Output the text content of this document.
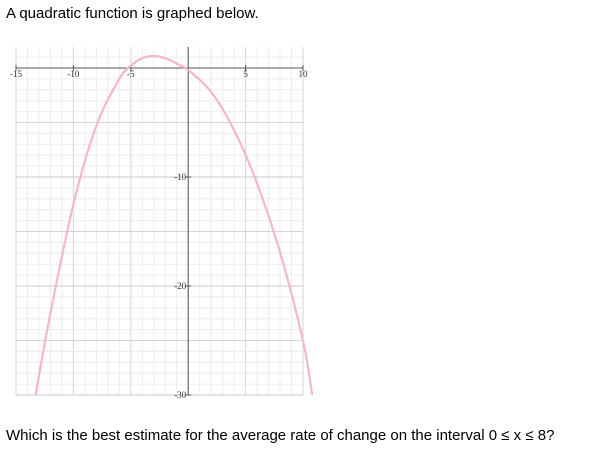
A quadratic function is graphed below.
-15	-10	-5	5	10
-10
-20
-30
Which is the best estimate for the average rate of change on the interval 0 ≤ x ≤ 8?
